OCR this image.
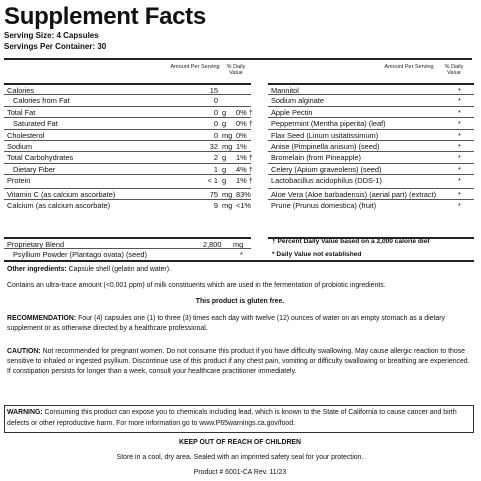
Supplement Facts
Serving Size: 4 Capsules
Servings Per Container: 30
Amount Per Serving	% Daily Value
Amount Per Serving	% Daily Value
Calories	15
Calories from Fat	0
Total Fat	0 g 0% †
Saturated Fat	0 g 0% †
Cholesterol	0 mg 0%
Sodium	32 mg 1%
Total Carbohydrates	2 g 1% †
Dietary Fiber	1 g 4% †
Protein	< 1 g 1% †
Vitamin C (as calcium ascorbate)	75 mg 83%
Calcium (as calcium ascorbate)	9 mg <1%
Mannitol	*
Sodium alginate	*
Apple Pectin	*
Peppermint (Mentha piperita) (leaf)	*
Flax Seed (Linum usitatissimum)	*
Anise (Pimpinella anisum) (seed)	*
Bromelain (from Pineapple)	*
Celery (Apium graveolens) (seed)	*
Lactobacillus acidophilus (DDS-1)	*
Aloe Vera (Aloe barbadensis) (aerial part) (extract)	*
Prune (Prunus domestica) (fruit)	*
Proprietary Blend	2,800 mg
Psyllium Powder (Plantago ovata) (seed)	*
† Percent Daily Value based on a 2,000 calorie diet
* Daily Value not established
Other ingredients: Capsule shell (gelatin and water).
Contains an ultra-trace amount (<0.001 ppm) of milk constituents which are used in the fermentation of probiotic ingredients.
This product is gluten free.
RECOMMENDATION: Four (4) capsules one (1) to three (3) times each day with twelve (12) ounces of water on an empty stomach as a dietary supplement or as otherwise directed by a healthcare professional.
CAUTION: Not recommended for pregnant women. Do not consume this product if you have difficulty swallowing. May cause allergic reaction to those sensitive to inhaled or ingested psyllium. Discontinue use of this product if any chest pain, vomiting or difficulty swallowing or breathing are experienced. If constipation persists for longer than a week, consult your healthcare practitioner immediately.
WARNING: Consuming this product can expose you to chemicals including lead, which is known to the State of California to cause cancer and birth defects or other reproductive harm. For more information go to www.P65warnings.ca.gov/food.
KEEP OUT OF REACH OF CHILDREN
Store in a cool, dry area. Sealed with an imprinted safety seal for your protection.
Product # 6001-CA Rev. 11/23
